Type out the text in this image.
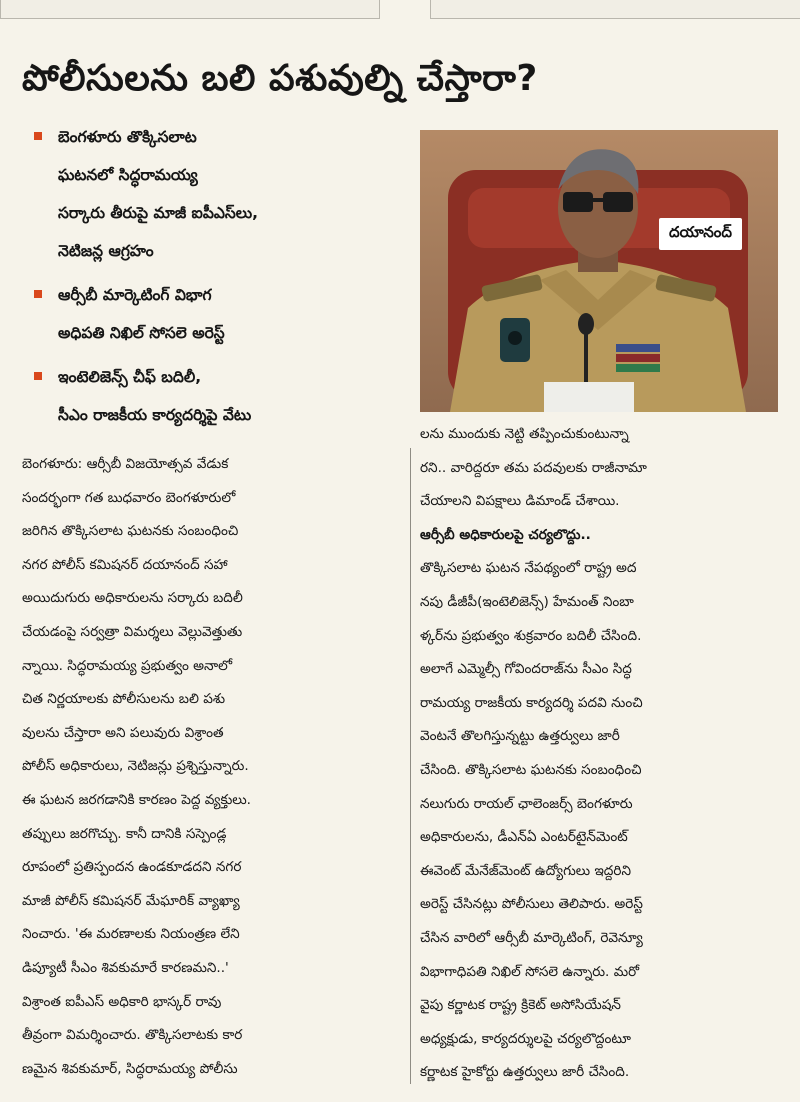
పోలీసులను బలి పశువుల్ని చేస్తారా?
బెంగళూరు తొక్కిసలాట
ఘటనలో సిద్ధరామయ్య
సర్కారు తీరుపై మాజీ ఐపీఎస్‌లు,
నెటిజన్ల ఆగ్రహం
ఆర్సీబీ మార్కెటింగ్ విభాగ
అధిపతి నిఖిల్ సోసలె అరెస్ట్
ఇంటెలిజెన్స్ చీఫ్ బదిలీ,
సీఎం రాజకీయ కార్యదర్శిపై వేటు
దయానంద్
బెంగళూరు: ఆర్సీబీ విజయోత్సవ వేడుక
సందర్భంగా గత బుధవారం బెంగళూరులో
జరిగిన తొక్కిసలాట ఘటనకు సంబంధించి
నగర పోలీస్ కమిషనర్ దయానంద్ సహా
అయిదుగురు అధికారులను సర్కారు బదిలీ
చేయడంపై సర్వత్రా విమర్శలు వెల్లువెత్తుతు
న్నాయి. సిద్ధరామయ్య ప్రభుత్వం అనాలో
చిత నిర్ణయాలకు పోలీసులను బలి పశు
వులను చేస్తారా అని పలువురు విశ్రాంత
పోలీస్ అధికారులు, నెటిజన్లు ప్రశ్నిస్తున్నారు.
ఈ ఘటన జరగడానికి కారణం పెద్ద వ్యక్తులు.
తప్పులు జరగొచ్చు. కానీ దానికి సస్పెండ్ల
రూపంలో ప్రతిస్పందన ఉండకూడదని నగర
మాజీ పోలీస్ కమిషనర్ మేఘారిక్ వ్యాఖ్యా
నించారు. 'ఈ మరణాలకు నియంత్రణ లేని
డిప్యూటీ సీఎం శివకుమారే కారణమని..'
విశ్రాంత ఐపీఎస్ అధికారి భాస్కర్ రావు
తీవ్రంగా విమర్శించారు. తొక్కిసలాటకు కార
ణమైన శివకుమార్, సిద్ధరామయ్య పోలీసు
లను ముందుకు నెట్టి తప్పించుకుంటున్నా
రని.. వారిద్దరూ తమ పదవులకు రాజీనామా
చేయాలని విపక్షాలు డిమాండ్ చేశాయి.
ఆర్సీబీ అధికారులపై చర్యలొద్దు..
తొక్కిసలాట ఘటన నేపథ్యంలో రాష్ట్ర అద
నపు డీజీపీ(ఇంటెలిజెన్స్) హేమంత్ నింబా
ళ్కర్‌ను ప్రభుత్వం శుక్రవారం బదిలీ చేసింది.
అలాగే ఎమ్మెల్సీ గోవిందరాజ్‌ను సీఎం సిద్ధ
రామయ్య రాజకీయ కార్యదర్శి పదవి నుంచి
వెంటనే తొలగిస్తున్నట్టు ఉత్తర్వులు జారీ
చేసింది. తొక్కిసలాట ఘటనకు సంబంధించి
నలుగురు రాయల్ ఛాలెంజర్స్ బెంగళూరు
అధికారులను, డీఎన్ఏ ఎంటర్‌టైన్‌మెంట్
ఈవెంట్ మేనేజ్‌మెంట్ ఉద్యోగులు ఇద్దరిని
అరెస్ట్ చేసినట్లు పోలీసులు తెలిపారు. అరెస్ట్
చేసిన వారిలో ఆర్సీబీ మార్కెటింగ్, రెవెన్యూ
విభాగాధిపతి నిఖిల్ సోసలె ఉన్నారు. మరో
వైపు కర్ణాటక రాష్ట్ర క్రికెట్ అసోసియేషన్
అధ్యక్షుడు, కార్యదర్శులపై చర్యలొద్దంటూ
కర్ణాటక హైకోర్టు ఉత్తర్వులు జారీ చేసింది.
